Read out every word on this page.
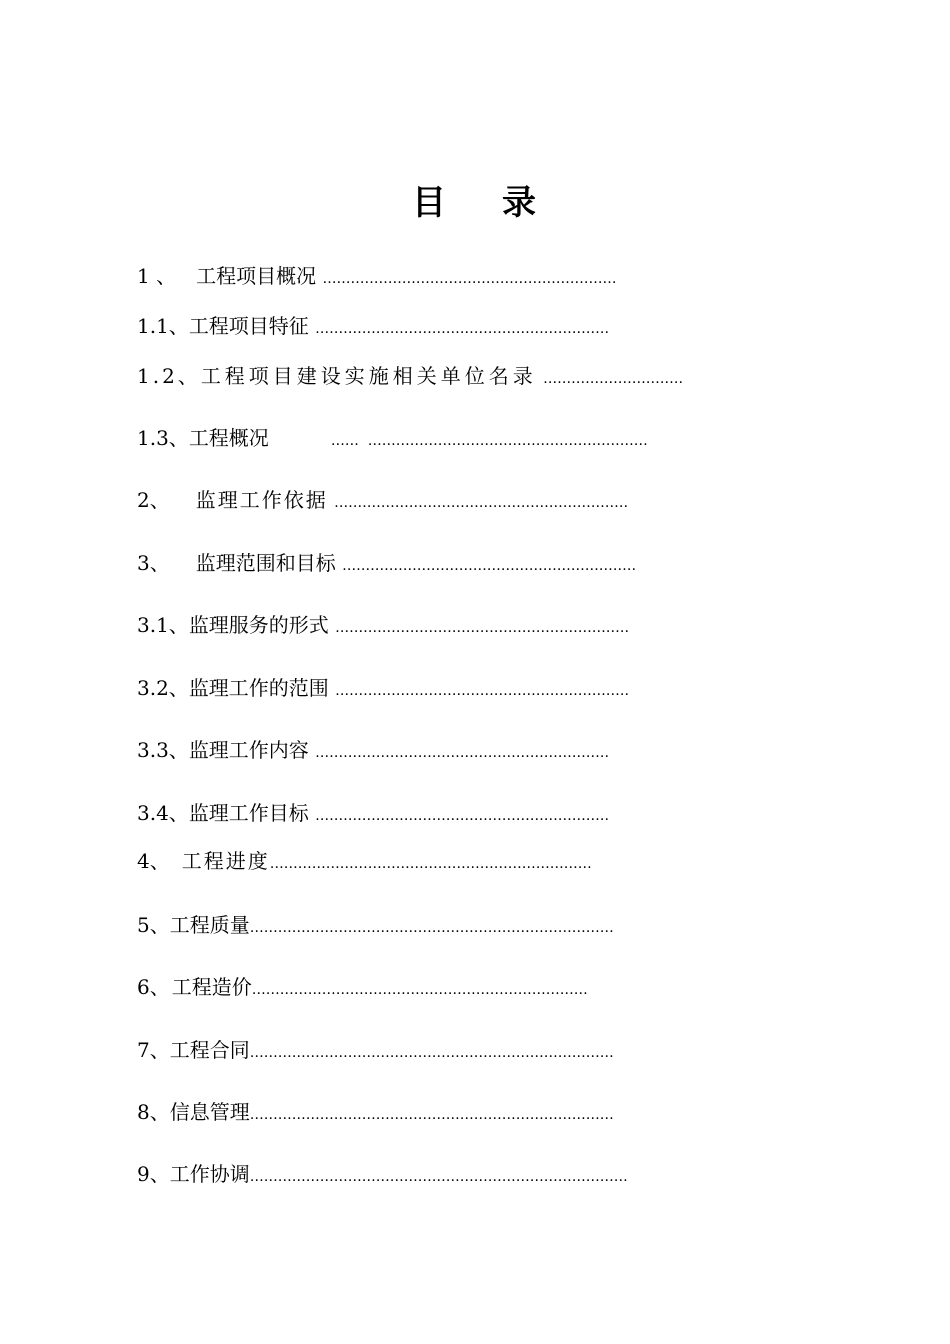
目 录
1 、 工程项目概况 ………………………………………………………
1.1、工程项目特征 ………………………………………………………
1.2、工程项目建设实施相关单位名录 …………………………
1.3、工程概况	……  ……………………………………………………
2、 监理工作依据 ………………………………………………………
3、 监理范围和目标 ………………………………………………………
3.1、监理服务的形式 ………………………………………………………
3.2、监理工作的范围 ………………………………………………………
3.3、监理工作内容 ………………………………………………………
3.4、监理工作目标 ………………………………………………………
4、 工程进度……………………………………………………………
5、工程质量……………………………………………………………………
6、 工程造价………………………………………………………………
7、工程合同……………………………………………………………………
8、信息管理……………………………………………………………………
9、工作协调………………………………………………………………………
